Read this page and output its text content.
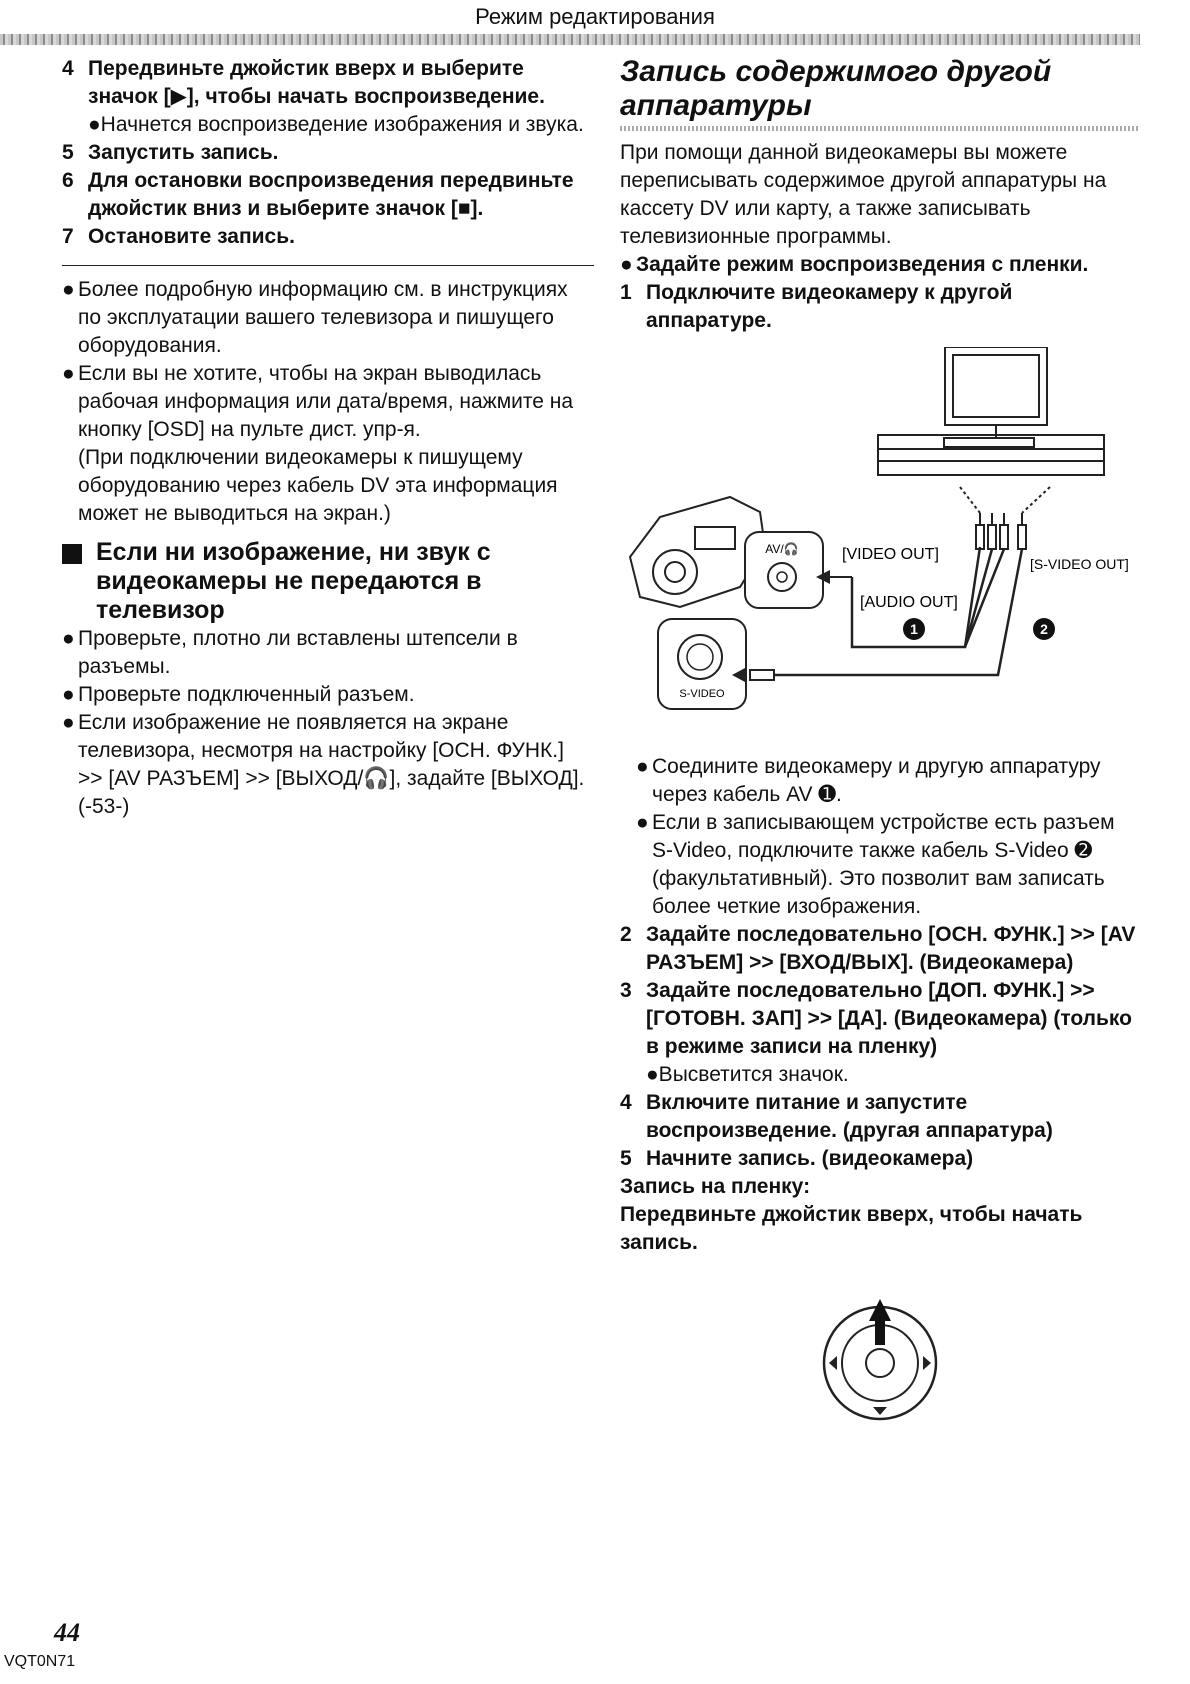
Режим редактирования
4 Передвиньте джойстик вверх и выберите значок [▶], чтобы начать воспроизведение.
●Начнется воспроизведение изображения и звука.
5 Запустить запись.
6 Для остановки воспроизведения передвиньте джойстик вниз и выберите значок [■].
7 Остановите запись.
● Более подробную информацию см. в инструкциях по эксплуатации вашего телевизора и пишущего оборудования.
● Если вы не хотите, чтобы на экран выводилась рабочая информация или дата/время, нажмите на кнопку [OSD] на пульте дист. упр-я.
(При подключении видеокамеры к пишущему оборудованию через кабель DV эта информация может не выводиться на экран.)
Если ни изображение, ни звук с видеокамеры не передаются в телевизор
● Проверьте, плотно ли вставлены штепсели в разъемы.
● Проверьте подключенный разъем.
● Если изображение не появляется на экране телевизора, несмотря на настройку [ОСН. ФУНК.] >> [AV РАЗЪЕМ] >> [ВЫХОД/🎧], задайте [ВЫХОД]. (-53-)
Запись содержимого другой аппаратуры
При помощи данной видеокамеры вы можете переписывать содержимое другой аппаратуры на кассету DV или карту, а также записывать телевизионные программы.
● Задайте режим воспроизведения с пленки.
1 Подключите видеокамеру к другой аппаратуре.
AV/🎧
S-VIDEO
[VIDEO OUT]
[S-VIDEO OUT]
[AUDIO OUT]
1	2
● Соедините видеокамеру и другую аппаратуру через кабель AV ➊.
● Если в записывающем устройстве есть разъем S-Video, подключите также кабель S-Video ➋ (факультативный). Это позволит вам записать более четкие изображения.
2 Задайте последовательно [ОСН. ФУНК.] >> [AV РАЗЪЕМ] >> [ВХОД/ВЫХ]. (Видеокамера)
3 Задайте последовательно [ДОП. ФУНК.] >> [ГОТОВН. ЗАП] >> [ДА]. (Видеокамера) (только в режиме записи на пленку)
●Высветится значок.
4 Включите питание и запустите воспроизведение. (другая аппаратура)
5 Начните запись. (видеокамера)
Запись на пленку:
Передвиньте джойстик вверх, чтобы начать запись.
44
VQT0N71
